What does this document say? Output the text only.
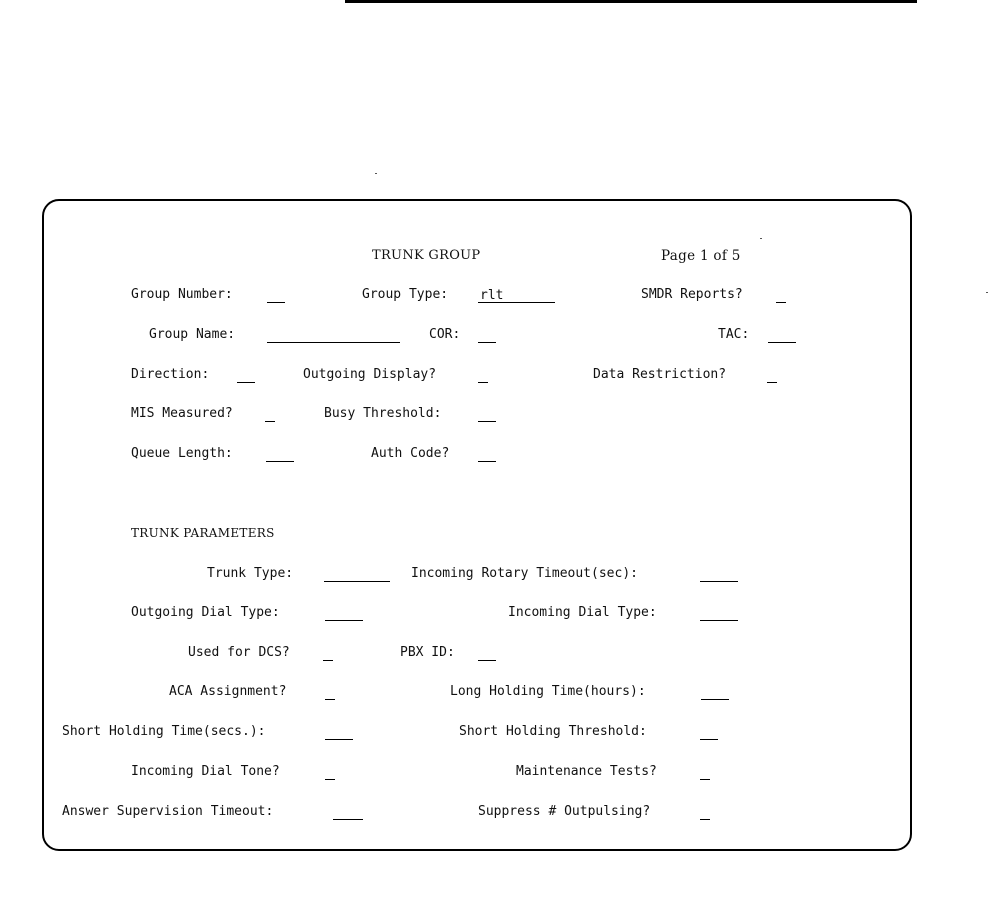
TRUNK GROUP	Page 1 of 5
Group Number:	Group Type: rlt	SMDR Reports?
Group Name:	COR:	TAC:
Direction:	Outgoing Display?	Data Restriction?
MIS Measured?	Busy Threshold:
Queue Length:	Auth Code?
TRUNK PARAMETERS
Trunk Type:	Incoming Rotary Timeout(sec):
Outgoing Dial Type:	Incoming Dial Type:
Used for DCS?	PBX ID:
ACA Assignment?	Long Holding Time(hours):
Short Holding Time(secs.):	Short Holding Threshold:
Incoming Dial Tone?	Maintenance Tests?
Answer Supervision Timeout:	Suppress # Outpulsing?
